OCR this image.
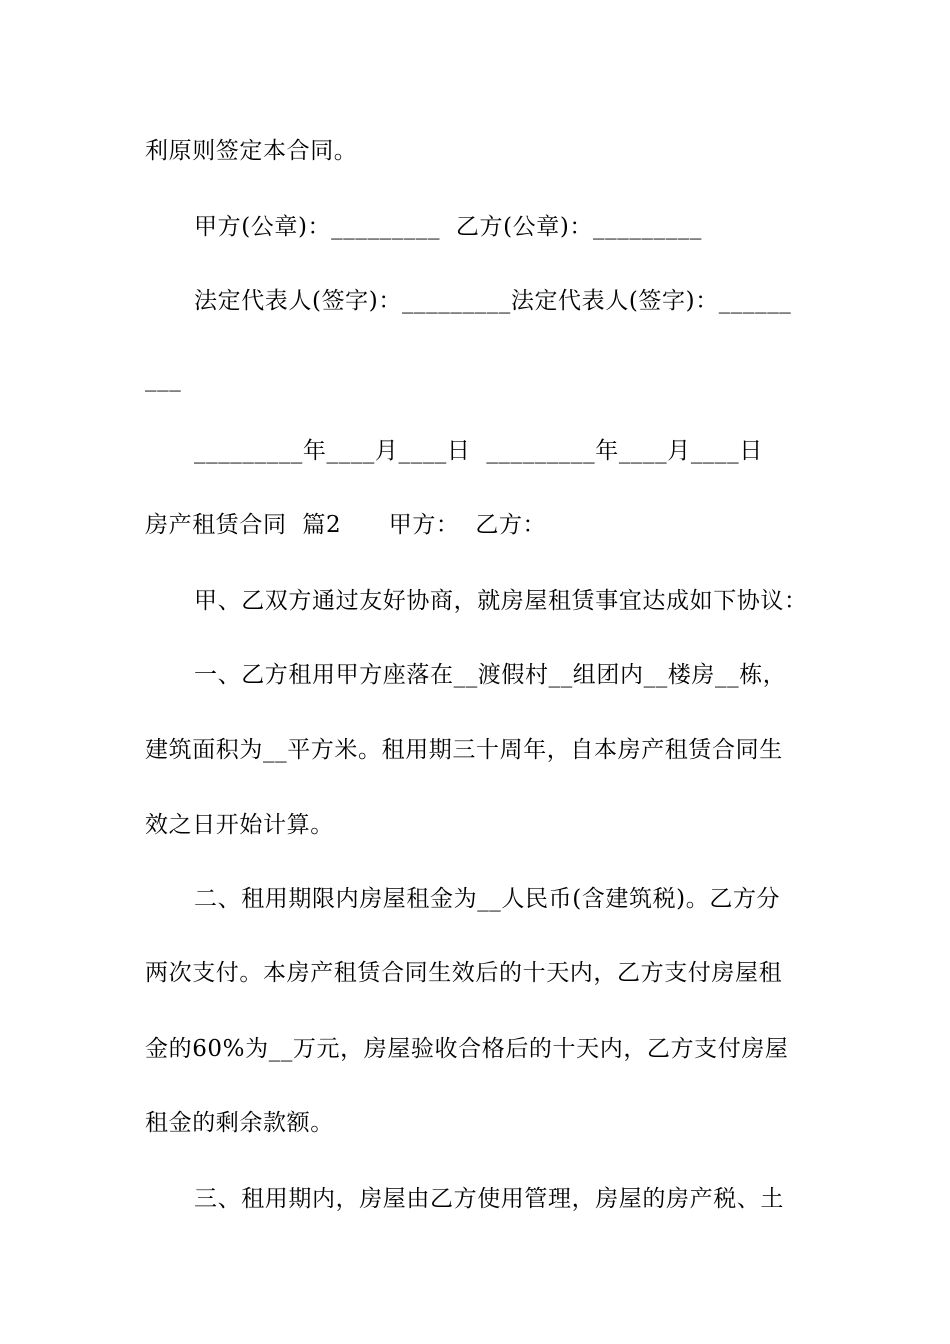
利原则签定本合同。
甲方(公章)：_________  乙方(公章)：_________
法定代表人(签字)：_________法定代表人(签字)：______
___
_________年____月____日  _________年____月____日
房产租赁合同  篇2      甲方：  乙方：
甲、乙双方通过友好协商，就房屋租赁事宜达成如下协议：
一、乙方租用甲方座落在__渡假村__组团内__楼房__栋，
建筑面积为__平方米。租用期三十周年，自本房产租赁合同生
效之日开始计算。
二、租用期限内房屋租金为__人民币(含建筑税)。乙方分
两次支付。本房产租赁合同生效后的十天内，乙方支付房屋租
金的60%为__万元，房屋验收合格后的十天内，乙方支付房屋
租金的剩余款额。
三、租用期内，房屋由乙方使用管理，房屋的房产税、土
